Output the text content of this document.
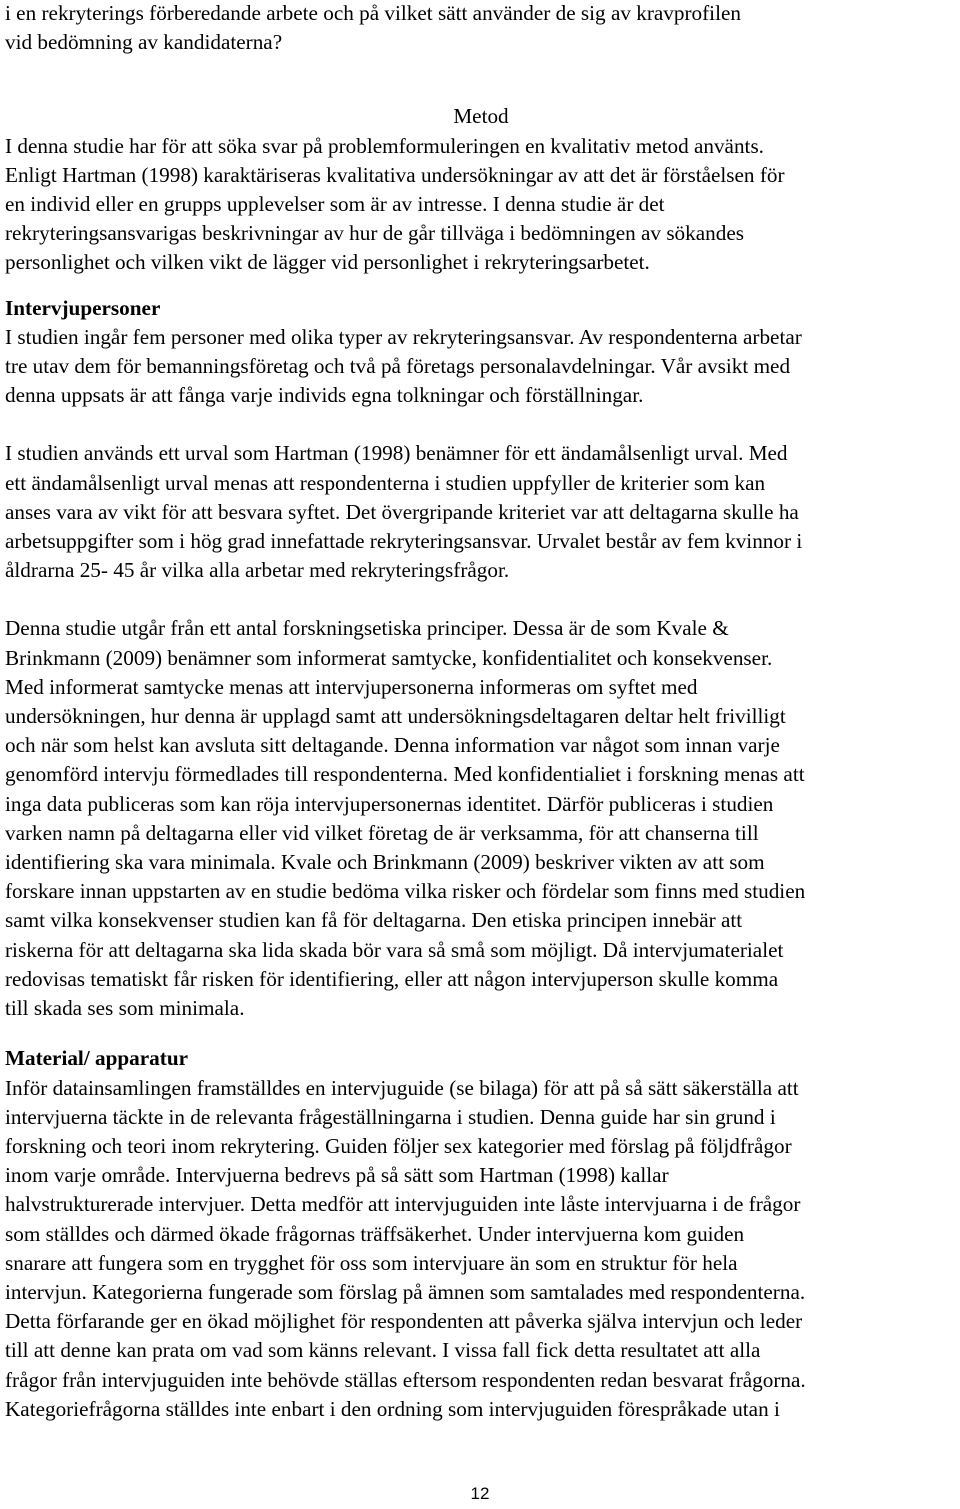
i en rekryterings förberedande arbete och på vilket sätt använder de sig av kravprofilen
vid bedömning av kandidaterna?

Metod

I denna studie har för att söka svar på problemformuleringen en kvalitativ metod använts.
Enligt Hartman (1998) karaktäriseras kvalitativa undersökningar av att det är förståelsen för
en individ eller en grupps upplevelser som är av intresse. I denna studie är det
rekryteringsansvarigas beskrivningar av hur de går tillväga i bedömningen av sökandes
personlighet och vilken vikt de lägger vid personlighet i rekryteringsarbetet.

Intervjupersoner

I studien ingår fem personer med olika typer av rekryteringsansvar. Av respondenterna arbetar
tre utav dem för bemanningsföretag och två på företags personalavdelningar. Vår avsikt med
denna uppsats är att fånga varje individs egna tolkningar och förställningar.

I studien används ett urval som Hartman (1998) benämner för ett ändamålsenligt urval. Med
ett ändamålsenligt urval menas att respondenterna i studien uppfyller de kriterier som kan
anses vara av vikt för att besvara syftet. Det övergripande kriteriet var att deltagarna skulle ha
arbetsuppgifter som i hög grad innefattade rekryteringsansvar. Urvalet består av fem kvinnor i
åldrarna 25- 45 år vilka alla arbetar med rekryteringsfrågor.

Denna studie utgår från ett antal forskningsetiska principer. Dessa är de som Kvale &
Brinkmann (2009) benämner som informerat samtycke, konfidentialitet och konsekvenser.
Med informerat samtycke menas att intervjupersonerna informeras om syftet med
undersökningen, hur denna är upplagd samt att undersökningsdeltagaren deltar helt frivilligt
och när som helst kan avsluta sitt deltagande. Denna information var något som innan varje
genomförd intervju förmedlades till respondenterna. Med konfidentialiet i forskning menas att
inga data publiceras som kan röja intervjupersonernas identitet. Därför publiceras i studien
varken namn på deltagarna eller vid vilket företag de är verksamma, för att chanserna till
identifiering ska vara minimala. Kvale och Brinkmann (2009) beskriver vikten av att som
forskare innan uppstarten av en studie bedöma vilka risker och fördelar som finns med studien
samt vilka konsekvenser studien kan få för deltagarna. Den etiska principen innebär att
riskerna för att deltagarna ska lida skada bör vara så små som möjligt. Då intervjumaterialet
redovisas tematiskt får risken för identifiering, eller att någon intervjuperson skulle komma
till skada ses som minimala.

Material/ apparatur

Inför datainsamlingen framställdes en intervjuguide (se bilaga) för att på så sätt säkerställa att
intervjuerna täckte in de relevanta frågeställningarna i studien. Denna guide har sin grund i
forskning och teori inom rekrytering. Guiden följer sex kategorier med förslag på följdfrågor
inom varje område. Intervjuerna bedrevs på så sätt som Hartman (1998) kallar
halvstrukturerade intervjuer. Detta medför att intervjuguiden inte låste intervjuarna i de frågor
som ställdes och därmed ökade frågornas träffsäkerhet. Under intervjuerna kom guiden
snarare att fungera som en trygghet för oss som intervjuare än som en struktur för hela
intervjun. Kategorierna fungerade som förslag på ämnen som samtalades med respondenterna.
Detta förfarande ger en ökad möjlighet för respondenten att påverka själva intervjun och leder
till att denne kan prata om vad som känns relevant. I vissa fall fick detta resultatet att alla
frågor från intervjuguiden inte behövde ställas eftersom respondenten redan besvarat frågorna.
Kategoriefrågorna ställdes inte enbart i den ordning som intervjuguiden förespråkade utan i

12
